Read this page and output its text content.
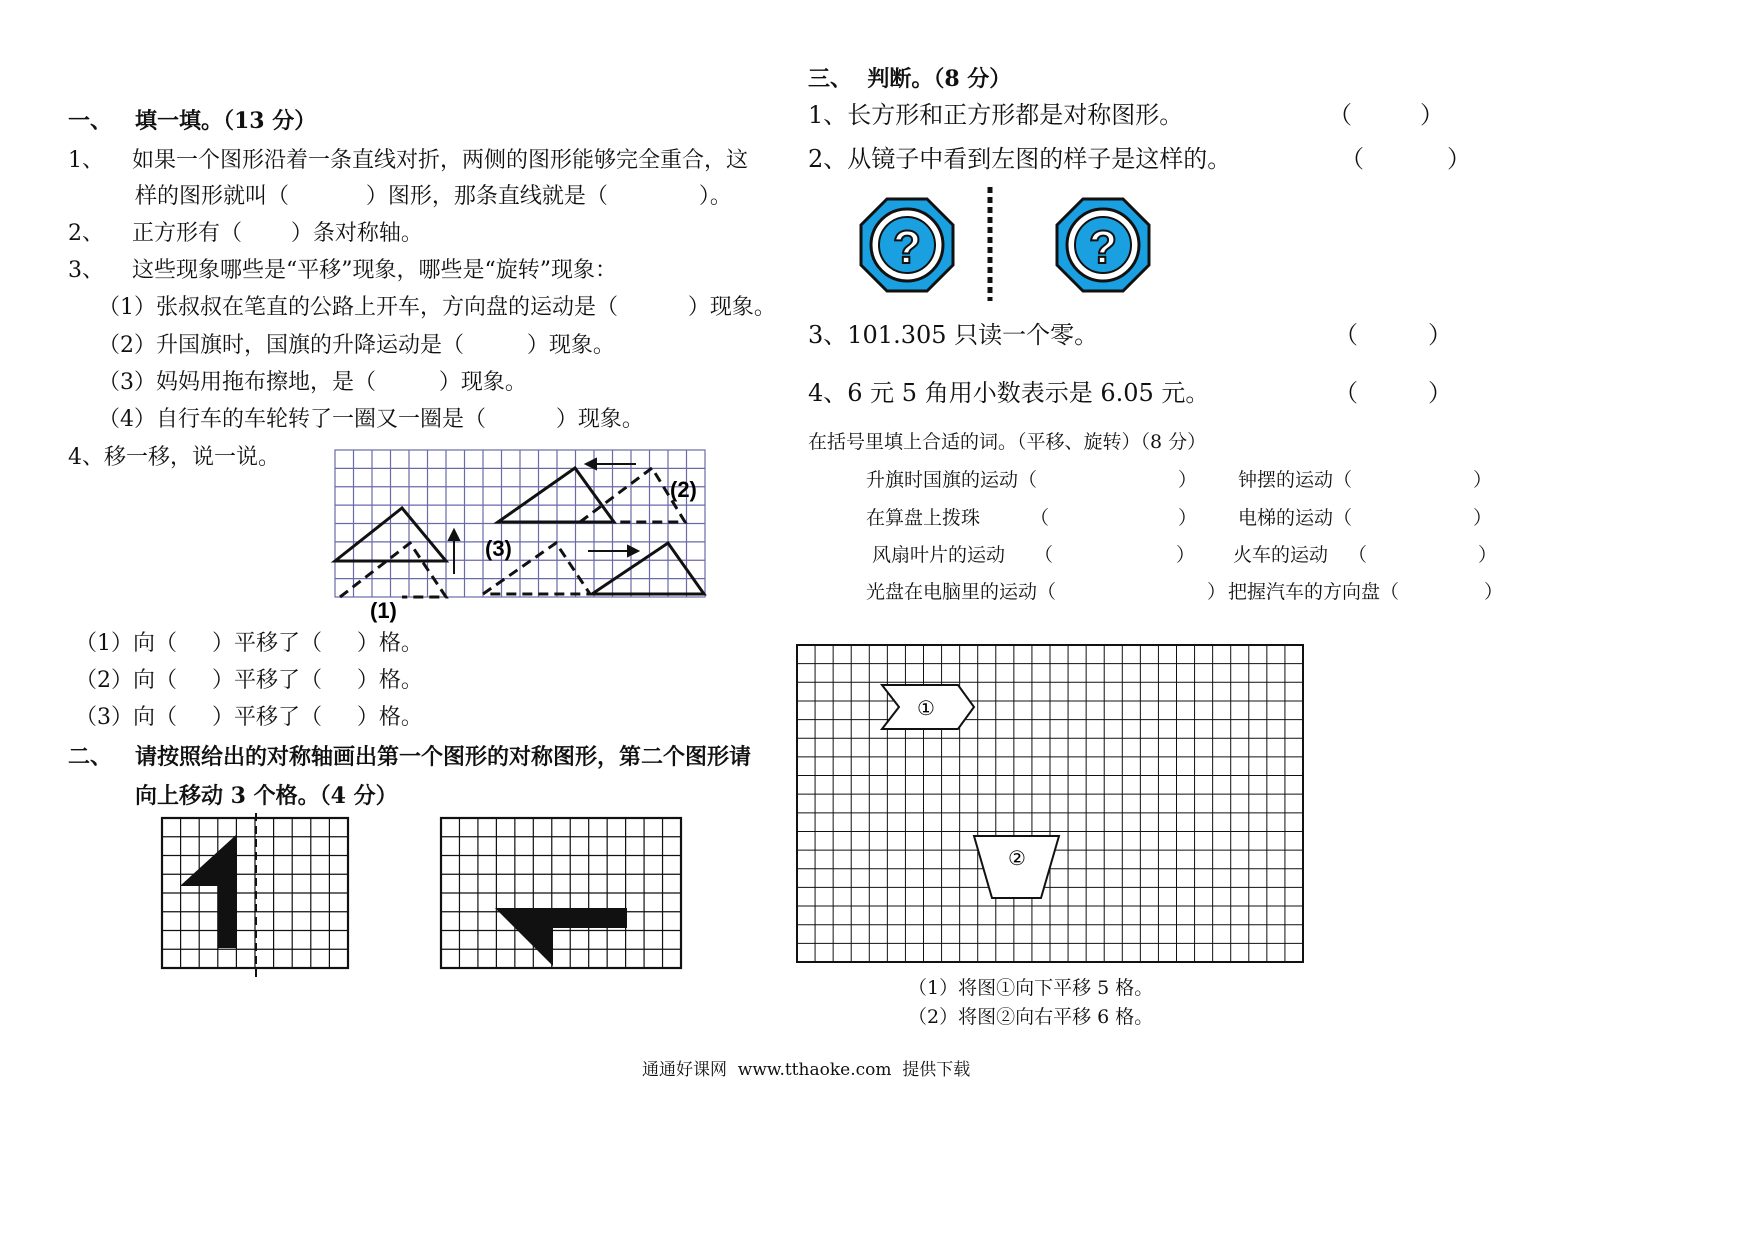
一、   填一填。（13 分）
1、    如果一个图形沿着一条直线对折，两侧的图形能够完全重合，这
样的图形就叫（           ）图形，那条直线就是（             ）。
2、    正方形有（       ）条对称轴。
3、    这些现象哪些是“平移”现象，哪些是“旋转”现象：
（1）张叔叔在笔直的公路上开车，方向盘的运动是（          ）现象。
（2）升国旗时，国旗的升降运动是（         ）现象。
（3）妈妈用拖布擦地，是（         ）现象。
（4）自行车的车轮转了一圈又一圈是（          ）现象。
4、移一移，说一说。
(1)
(2)
(3)
（1）向（     ）平移了（     ）格。
（2）向（     ）平移了（     ）格。
（3）向（     ）平移了（     ）格。
二、   请按照给出的对称轴画出第一个图形的对称图形，第二个图形请
向上移动 3 个格。（4 分）
三、  判断。（8 分）
1、长方形和正方形都是对称图形。	（	）
2、从镜子中看到左图的样子是这样的。	（	）
?	?
3、101.305 只读一个零。	（	）
4、6 元 5 角用小数表示是 6.05 元。	（	）
在括号里填上合适的词。（平移、旋转）（8 分）
升旗时国旗的运动（	） 钟摆的运动（	）
在算盘上拨珠	（	） 电梯的运动（	）
风扇叶片的运动 （	） 火车的运动 （	）
光盘在电脑里的运动（	） 把握汽车的方向盘（	）
①
②
（1）将图①向下平移 5 格。
（2）将图②向右平移 6 格。
通通好课网  www.tthaoke.com  提供下载
